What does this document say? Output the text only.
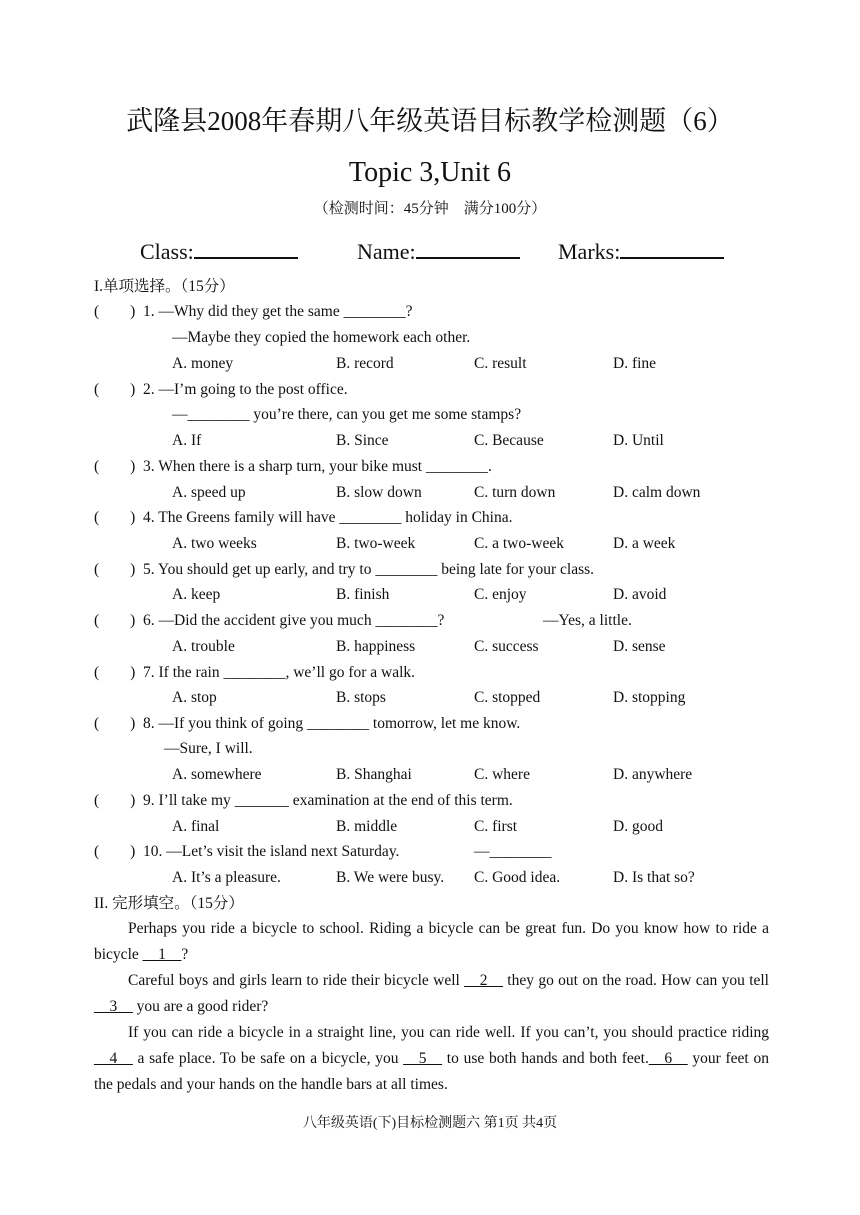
武隆县2008年春期八年级英语目标教学检测题（6）
Topic 3,Unit 6
（检测时间：45分钟　满分100分）
Class:	Name:	Marks:
I.单项选择。（15分）
(　　) 1. —Why did they get the same ________?
—Maybe they copied the homework each other.
A. money	B. record	C. result	D. fine
(　　) 2. —I’m going to the post office.
—________ you’re there, can you get me some stamps?
A. If	B. Since	C. Because	D. Until
(　　) 3. When there is a sharp turn, your bike must ________.
A. speed up	B. slow down	C. turn down	D. calm down
(　　) 4. The Greens family will have ________ holiday in China.
A. two weeks	B. two-week	C. a two-week	D. a week
(　　) 5. You should get up early, and try to ________ being late for your class.
A. keep	B. finish	C. enjoy	D. avoid
(　　) 6. —Did the accident give you much ________?	—Yes, a little.
A. trouble	B. happiness	C. success	D. sense
(　　) 7. If the rain ________, we’ll go for a walk.
A. stop	B. stops	C. stopped	D. stopping
(　　) 8. —If you think of going ________ tomorrow, let me know.
—Sure, I will.
A. somewhere	B. Shanghai	C. where	D. anywhere
(　　) 9. I’ll take my _______ examination at the end of this term.
A. final	B. middle	C. first	D. good
(　　) 10. —Let’s visit the island next Saturday.	—________
A. It’s a pleasure.	B. We were busy. C. Good idea.	D. Is that so?
II. 完形填空。（15分）
Perhaps you ride a bicycle to school. Riding a bicycle can be great fun. Do you know how to ride a bicycle __1__?
Careful boys and girls learn to ride their bicycle well __2__ they go out on the road. How can you tell __3__ you are a good rider?
If you can ride a bicycle in a straight line, you can ride well. If you can’t, you should practice riding __4__ a safe place. To be safe on a bicycle, you __5__ to use both hands and both feet.__6__ your feet on the pedals and your hands on the handle bars at all times.
八年级英语(下)目标检测题六 第1页 共4页
